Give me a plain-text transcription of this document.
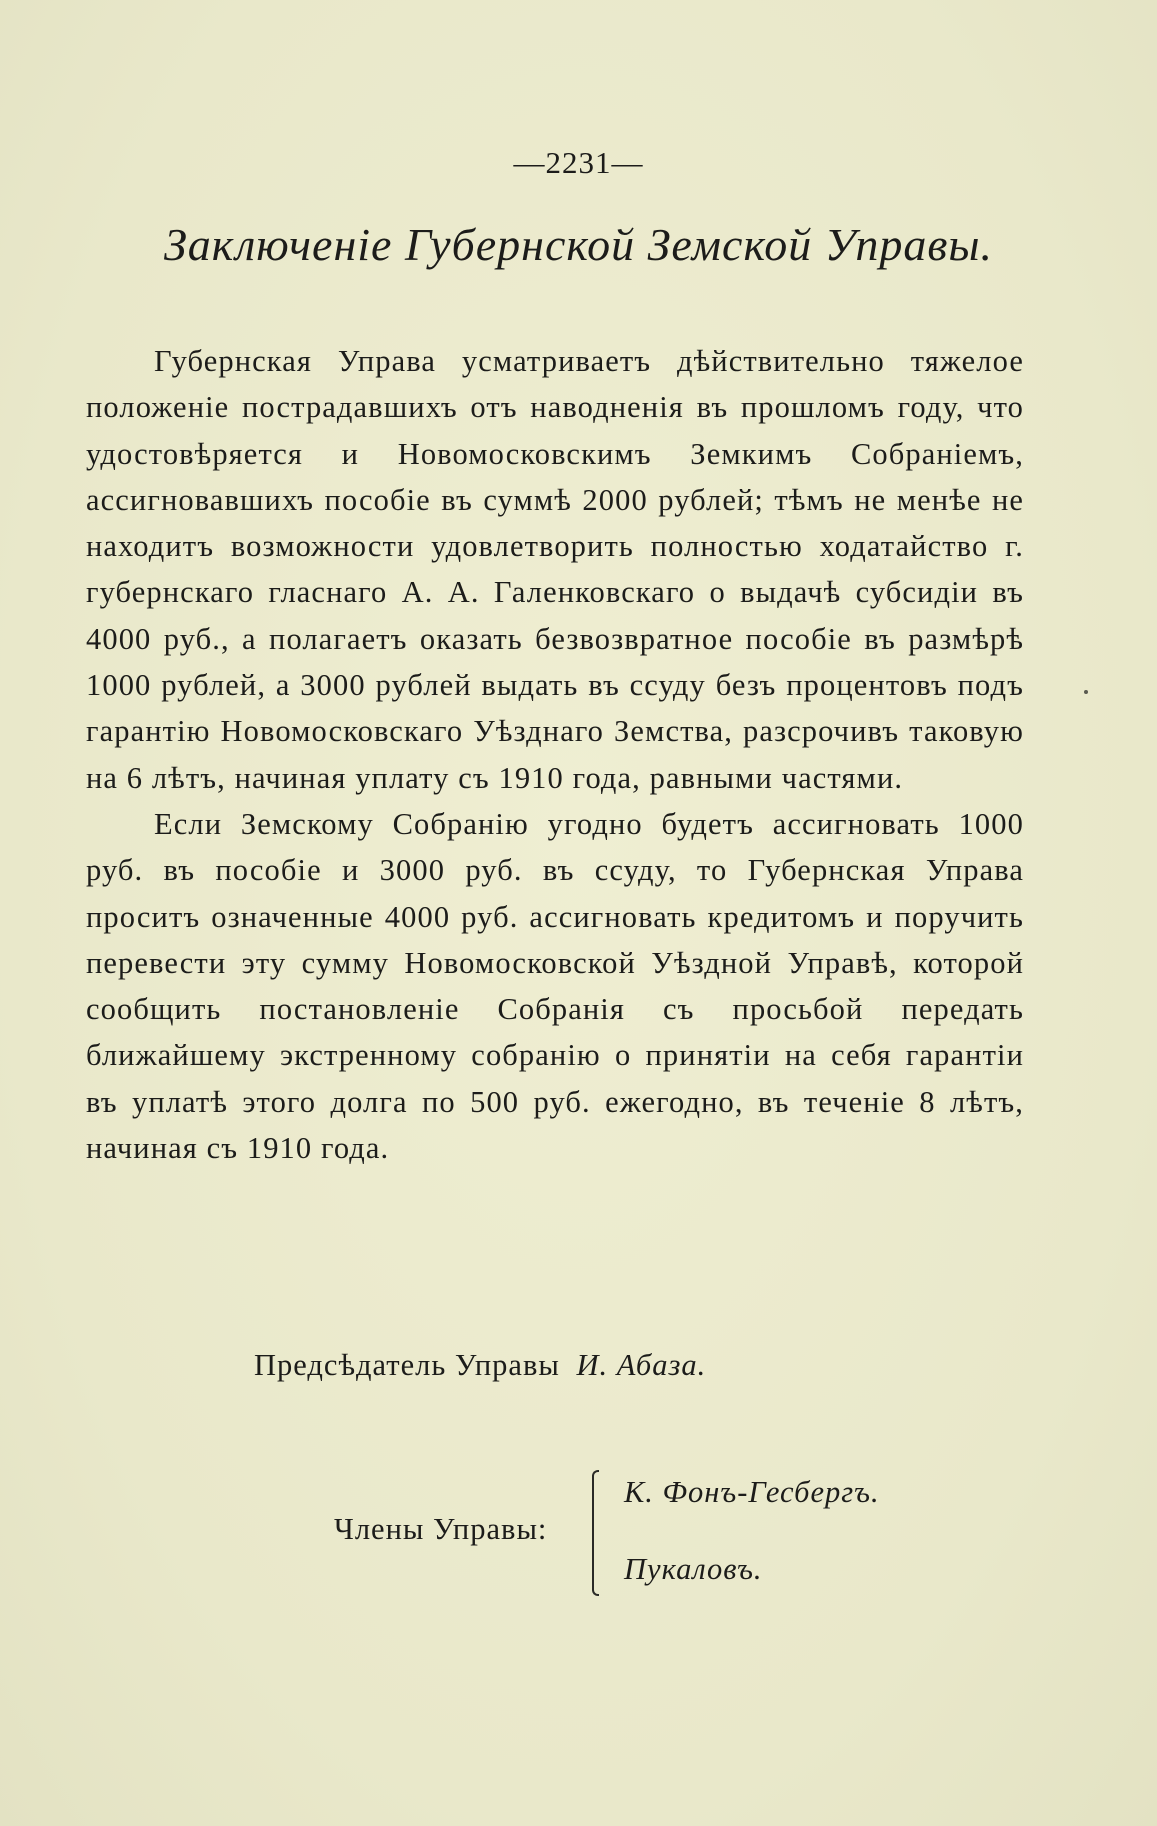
—2231—
Заключеніе Губернской Земской Управы.

Губернская Управа усматриваетъ дѣйствительно тяжелое положеніе пострадавшихъ отъ наводненія въ прошломъ году, что удостовѣряется и Новомосковскимъ Земкимъ Собраніемъ, ассигновавшихъ пособіе въ суммѣ 2000 рублей; тѣмъ не менѣе не находитъ возможности удовлетворить полностью ходатайство г. губернскаго гласнаго А. А. Галенковскаго о выдачѣ субсидіи въ 4000 руб., а полагаетъ оказать безвозвратное пособіе въ размѣрѣ 1000 рублей, а 3000 рублей выдать въ ссуду безъ процентовъ подъ гарантію Новомосковскаго Уѣзднаго Земства, разсрочивъ таковую на 6 лѣтъ, начиная уплату съ 1910 года, равными частями.

Если Земскому Собранію угодно будетъ ассигновать 1000 руб. въ пособіе и 3000 руб. въ ссуду, то Губернская Управа проситъ означенные 4000 руб. ассигновать кредитомъ и поручить перевести эту сумму Новомосковской Уѣздной Управѣ, которой сообщить постановленіе Собранія съ просьбой передать ближайшему экстренному собранію о принятіи на себя гарантіи въ уплатѣ этого долга по 500 руб. ежегодно, въ теченіе 8 лѣтъ, начиная съ 1910 года.

Предсѣдатель Управы И. Абаза.
Члены Управы:
К. Фонъ-Гесбергъ.
Пукаловъ.
